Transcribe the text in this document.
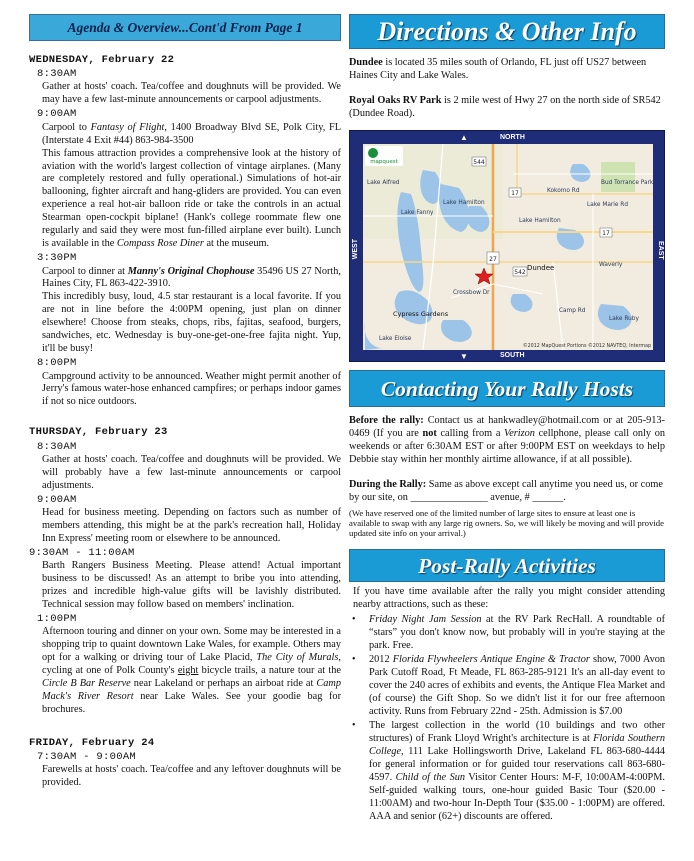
Agenda & Overview...Cont'd From Page 1
WEDNESDAY, February 22
8:30AM
Gather at hosts' coach. Tea/coffee and doughnuts will be provided. We may have a few last-minute announcements or carpool adjustments.
9:00AM
Carpool to Fantasy of Flight, 1400 Broadway Blvd SE, Polk City, FL (Interstate 4 Exit #44) 863-984-3500
This famous attraction provides a comprehensive look at the history of aviation with the world's largest collection of vintage airplanes. (Many are completely restored and fully operational.) Simulations of hot-air ballooning, fighter aircraft and hang-gliders are provided. You can even experience a real hot-air balloon ride or take the controls in an actual Stearman open-cockpit biplane! (Hank's college roommate flew one regularly and said they were most fun-filled airplane ever built). Lunch is available in the Compass Rose Diner at the museum.
3:30PM
Carpool to dinner at Manny's Original Chophouse 35496 US 27 North, Haines City, FL 863-422-3910.
This incredibly busy, loud, 4.5 star restaurant is a local favorite. If you are not in line before the 4:00PM opening, just plan on dinner elsewhere! Choose from steaks, chops, ribs, fajitas, seafood, burgers, sandwiches, etc. Wednesday is buy-one-get-one-free fajita night. Yup, it'll be busy!
8:00PM
Campground activity to be announced. Weather might permit another of Jerry's famous water-hose enhanced campfires; or perhaps indoor games if not so nice outdoors.
THURSDAY, February 23
8:30AM
Gather at hosts' coach. Tea/coffee and doughnuts will be provided. We will probably have a few last-minute announcements or carpool adjustments.
9:00AM
Head for business meeting. Depending on factors such as number of members attending, this might be at the park's recreation hall, Holiday Inn Express' meeting room or elsewhere to be announced.
9:30AM - 11:00AM
Barth Rangers Business Meeting. Please attend! Actual important business to be discussed! As an attempt to bribe you into attending, prizes and incredible high-value gifts will be lavishly distributed. Technical session may follow based on members' inclination.
1:00PM
Afternoon touring and dinner on your own. Some may be interested in a shopping trip to quaint downtown Lake Wales, for example. Others may opt for a walking or driving tour of Lake Placid, The City of Murals, cycling at one of Polk County's eight bicycle trails, a nature tour at the Circle B Bar Reserve near Lakeland or perhaps an airboat ride at Camp Mack's River Resort near Lake Wales. See your goodie bag for brochures.
FRIDAY, February 24
7:30AM - 9:00AM
Farewells at hosts' coach. Tea/coffee and any leftover doughnuts will be provided.
Directions & Other Info
Dundee is located 35 miles south of Orlando, FL just off US27 between Haines City and Lake Wales.
Royal Oaks RV Park is 2 mile west of Hwy 27 on the north side of SR542 (Dundee Road).
NORTH
SOUTH
WEST	EAST
▲
▼
544
17
17
27
542
Lake Alfred
Lake Fanny
Lake Hamilton
Lake Hamilton
Lake Marie Rd
Kokomo Rd
Bud Torrance Park
Dundee	Waverly
Cypress Gardens
Lake Eloise
Crossbow Dr
Lake Ruby
Camp Rd
mapquest
©2012 MapQuest Portions ©2012 NAVTEQ, Intermap
Contacting Your Rally Hosts
Before the rally: Contact us at hankwadley@hotmail.com or at 205-913-0469 (If you are not calling from a Verizon cellphone, please call only on weekends or after 6:30AM EST or after 9:00PM EST on weekdays to help Debbie stay within her monthly airtime allowance, if at all possible).
During the Rally: Same as above except call anytime you need us, or come by our site, on _______________ avenue, # ______.
(We have reserved one of the limited number of large sites to ensure at least one is available to swap with any large rig owners. So, we will likely be moving and will provide updated site info on your arrival.)
Post-Rally Activities
If you have time available after the rally you might consider attending nearby attractions, such as these:
• Friday Night Jam Session at the RV Park RecHall. A roundtable of “stars” you don't know now, but probably will in you're staying at the park. Free.
• 2012 Florida Flywheelers Antique Engine & Tractor show, 7000 Avon Park Cutoff Road, Ft Meade, FL 863-285-9121 It's an all-day event to cover the 240 acres of exhibits and events, the Antique Flea Market and (of course) the Gift Shop. So we didn't list it for our free afternoon activity. Runs from February 22nd - 25th. Admission is $7.00
• The largest collection in the world (10 buildings and two other structures) of Frank Lloyd Wright's architecture is at Florida Southern College, 111 Lake Hollingsworth Drive, Lakeland FL 863-680-4444 for general information or for guided tour reservations call 863-680-4597. Child of the Sun Visitor Center Hours: M-F, 10:00AM-4:00PM. Self-guided walking tours, one-hour guided Basic Tour ($20.00 - 11:00AM) and two-hour In-Depth Tour ($35.00 - 1:00PM) are offered. AAA and senior (62+) discounts are offered.
